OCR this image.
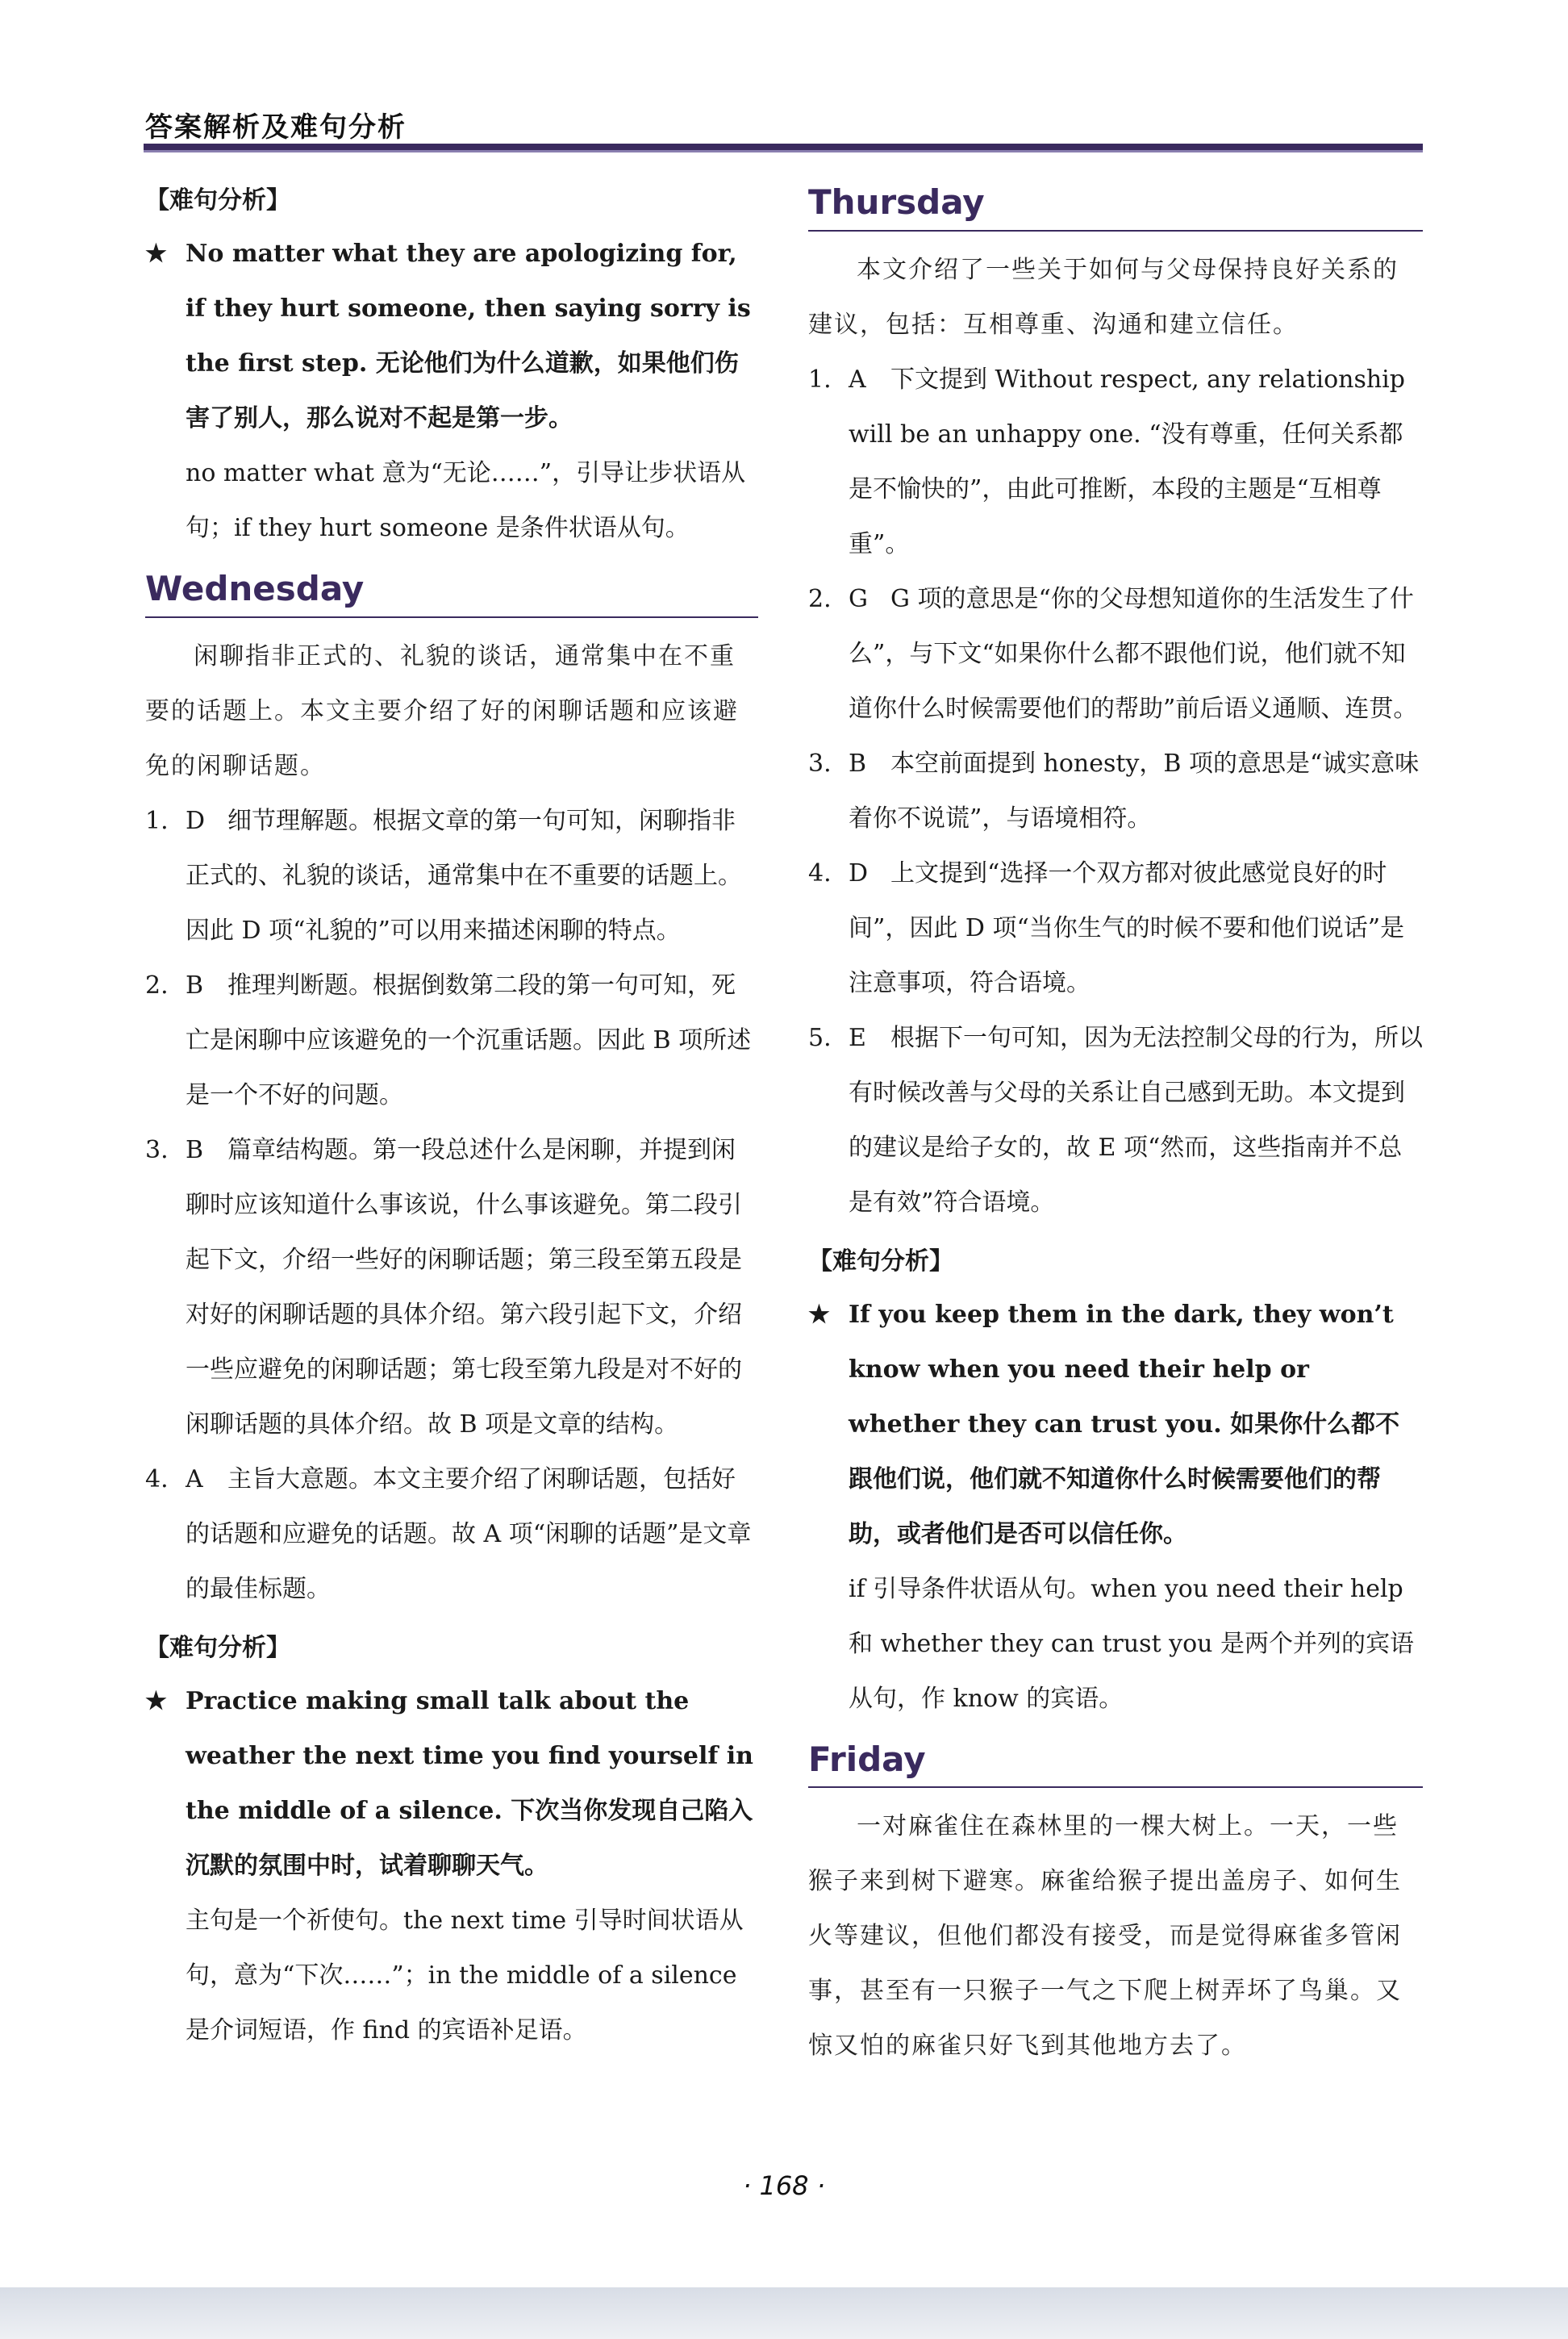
答案解析及难句分析
【难句分析】
★ No matter what they are apologizing for, if they hurt someone, then saying sorry is the first step. 无论他们为什么道歉，如果他们伤害了别人，那么说对不起是第一步。
no matter what 意为“无论……”，引导让步状语从句；if they hurt someone 是条件状语从句。
Wednesday
闲聊指非正式的、礼貌的谈话，通常集中在不重要的话题上。本文主要介绍了好的闲聊话题和应该避免的闲聊话题。
1. D 细节理解题。根据文章的第一句可知，闲聊指非正式的、礼貌的谈话，通常集中在不重要的话题上。因此 D 项“礼貌的”可以用来描述闲聊的特点。
2. B 推理判断题。根据倒数第二段的第一句可知，死亡是闲聊中应该避免的一个沉重话题。因此 B 项所述是一个不好的问题。
3. B 篇章结构题。第一段总述什么是闲聊，并提到闲聊时应该知道什么事该说，什么事该避免。第二段引起下文，介绍一些好的闲聊话题；第三段至第五段是对好的闲聊话题的具体介绍。第六段引起下文，介绍一些应避免的闲聊话题；第七段至第九段是对不好的闲聊话题的具体介绍。故 B 项是文章的结构。
4. A 主旨大意题。本文主要介绍了闲聊话题，包括好的话题和应避免的话题。故 A 项“闲聊的话题”是文章的最佳标题。
【难句分析】
★ Practice making small talk about the weather the next time you find yourself in the middle of a silence. 下次当你发现自己陷入沉默的氛围中时，试着聊聊天气。
主句是一个祈使句。the next time 引导时间状语从句，意为“下次……”；in the middle of a silence 是介词短语，作 find 的宾语补足语。
Thursday
本文介绍了一些关于如何与父母保持良好关系的建议，包括：互相尊重、沟通和建立信任。
1. A 下文提到 Without respect, any relationship will be an unhappy one. “没有尊重，任何关系都是不愉快的”，由此可推断，本段的主题是“互相尊重”。
2. G G 项的意思是“你的父母想知道你的生活发生了什么”，与下文“如果你什么都不跟他们说，他们就不知道你什么时候需要他们的帮助”前后语义通顺、连贯。
3. B 本空前面提到 honesty，B 项的意思是“诚实意味着你不说谎”，与语境相符。
4. D 上文提到“选择一个双方都对彼此感觉良好的时间”，因此 D 项“当你生气的时候不要和他们说话”是注意事项，符合语境。
5. E 根据下一句可知，因为无法控制父母的行为，所以有时候改善与父母的关系让自己感到无助。本文提到的建议是给子女的，故 E 项“然而，这些指南并不总是有效”符合语境。
【难句分析】
★ If you keep them in the dark, they won’t know when you need their help or whether they can trust you. 如果你什么都不跟他们说，他们就不知道你什么时候需要他们的帮助，或者他们是否可以信任你。
if 引导条件状语从句。when you need their help 和 whether they can trust you 是两个并列的宾语从句，作 know 的宾语。
Friday
一对麻雀住在森林里的一棵大树上。一天，一些猴子来到树下避寒。麻雀给猴子提出盖房子、如何生火等建议，但他们都没有接受，而是觉得麻雀多管闲事，甚至有一只猴子一气之下爬上树弄坏了鸟巢。又惊又怕的麻雀只好飞到其他地方去了。
· 168 ·
